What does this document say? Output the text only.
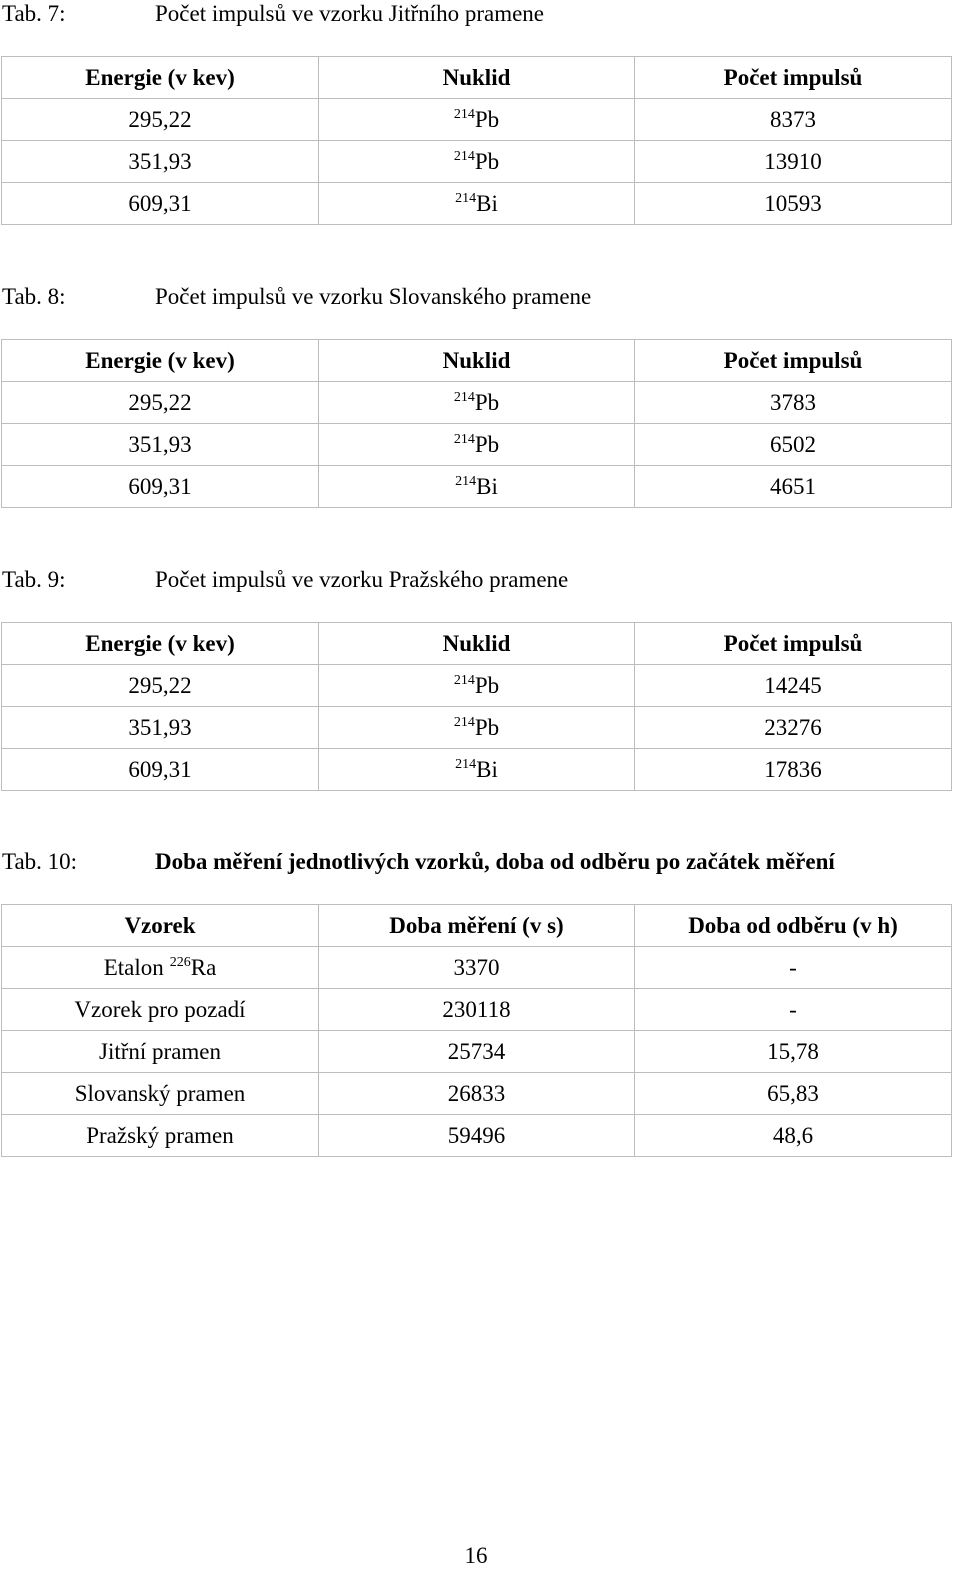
Tab. 7:	Počet impulsů ve vzorku Jitřního pramene
Energie (v kev)	Nuklid	Počet impulsů
295,22	$^{214}$Pb	8373
351,93	$^{214}$Pb	13910
609,31	$^{214}$Bi	10593
Tab. 8:	Počet impulsů ve vzorku Slovanského pramene
Energie (v kev)	Nuklid	Počet impulsů
295,22	$^{214}$Pb	3783
351,93	$^{214}$Pb	6502
609,31	$^{214}$Bi	4651
Tab. 9:	Počet impulsů ve vzorku Pražského pramene
Energie (v kev)	Nuklid	Počet impulsů
295,22	$^{214}$Pb	14245
351,93	$^{214}$Pb	23276
609,31	$^{214}$Bi	17836
Tab. 10:	Doba měření jednotlivých vzorků, doba od odběru po začátek měření
Vzorek	Doba měření (v s)	Doba od odběru (v h)
Etalon $^{226}$Ra	3370	-
Vzorek pro pozadí	230118	-
Jitřní pramen	25734	15,78
Slovanský pramen	26833	65,83
Pražský pramen	59496	48,6
16
